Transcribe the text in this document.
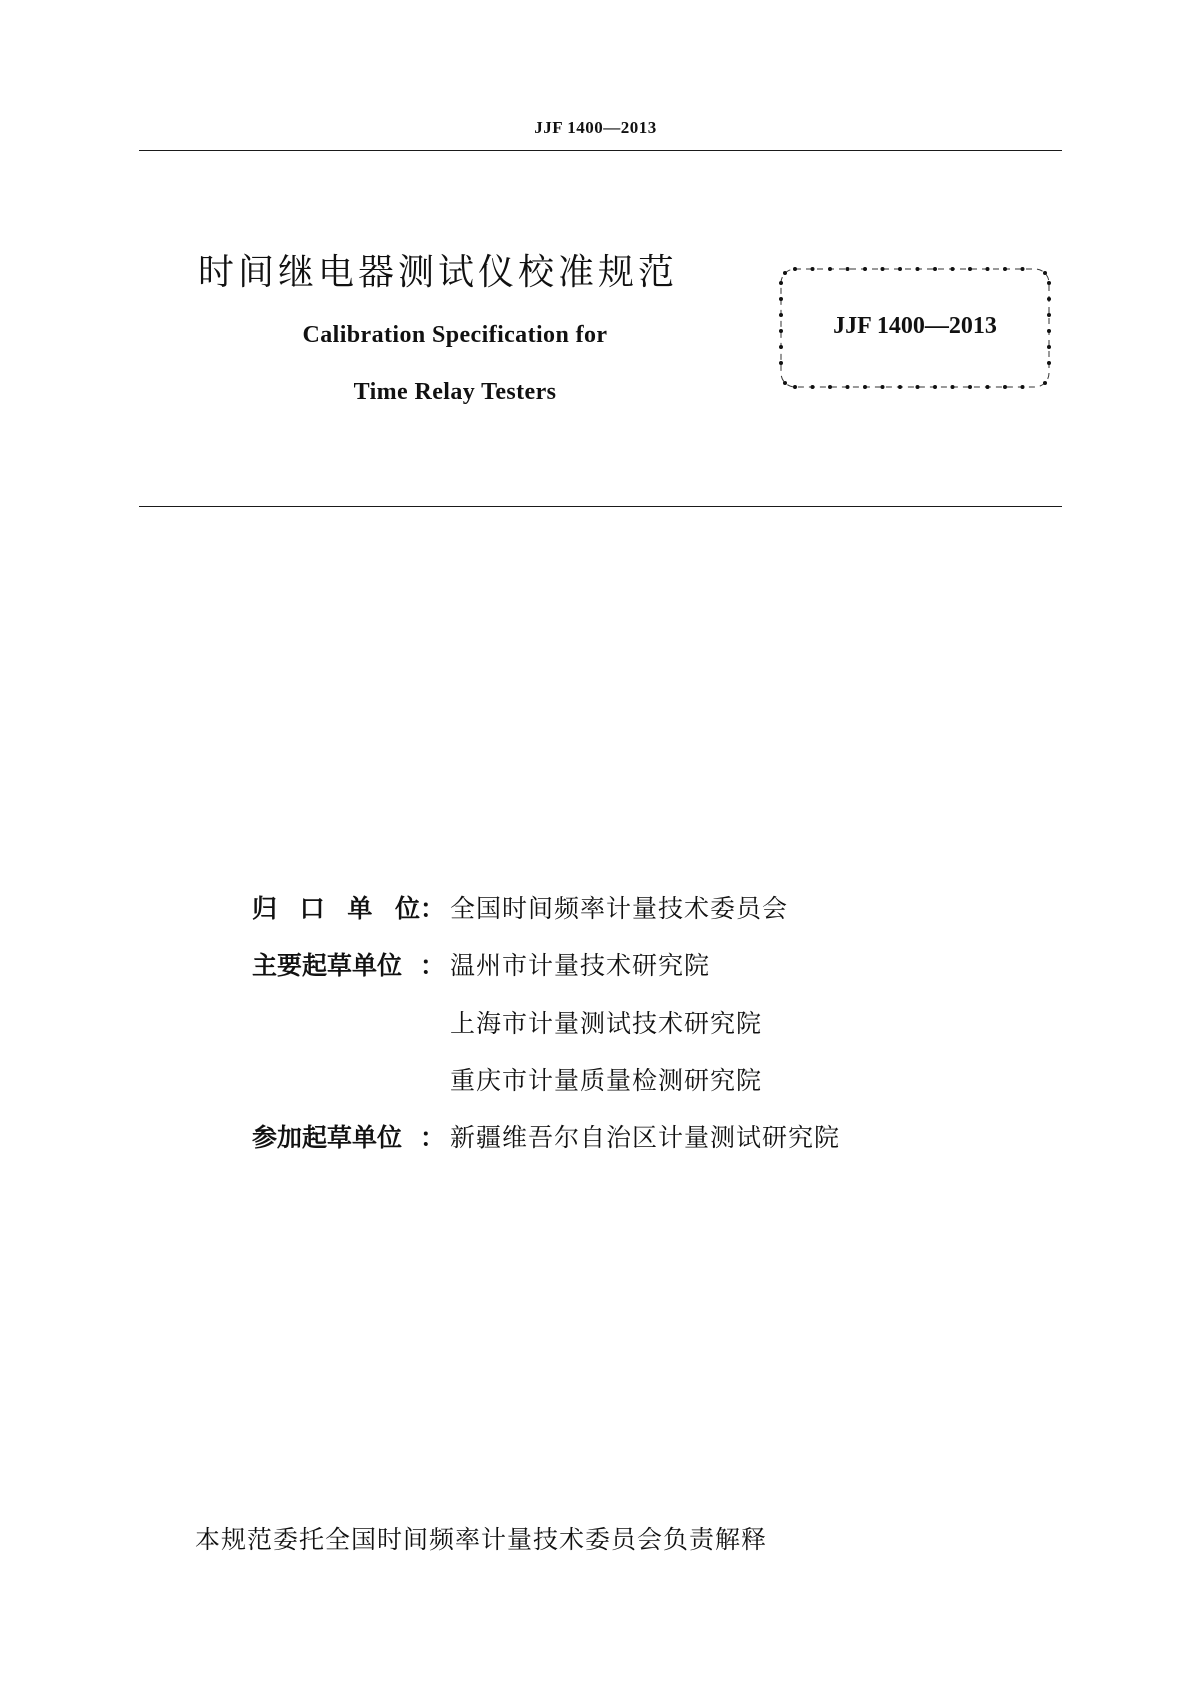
JJF 1400—2013
时间继电器测试仪校准规范
Calibration Specification for
Time Relay Testers
JJF 1400—2013
归 口 单 位 ： 全国时间频率计量技术委员会
主要起草单位 ： 温州市计量技术研究院
上海市计量测试技术研究院
重庆市计量质量检测研究院
参加起草单位 ： 新疆维吾尔自治区计量测试研究院
本规范委托全国时间频率计量技术委员会负责解释
